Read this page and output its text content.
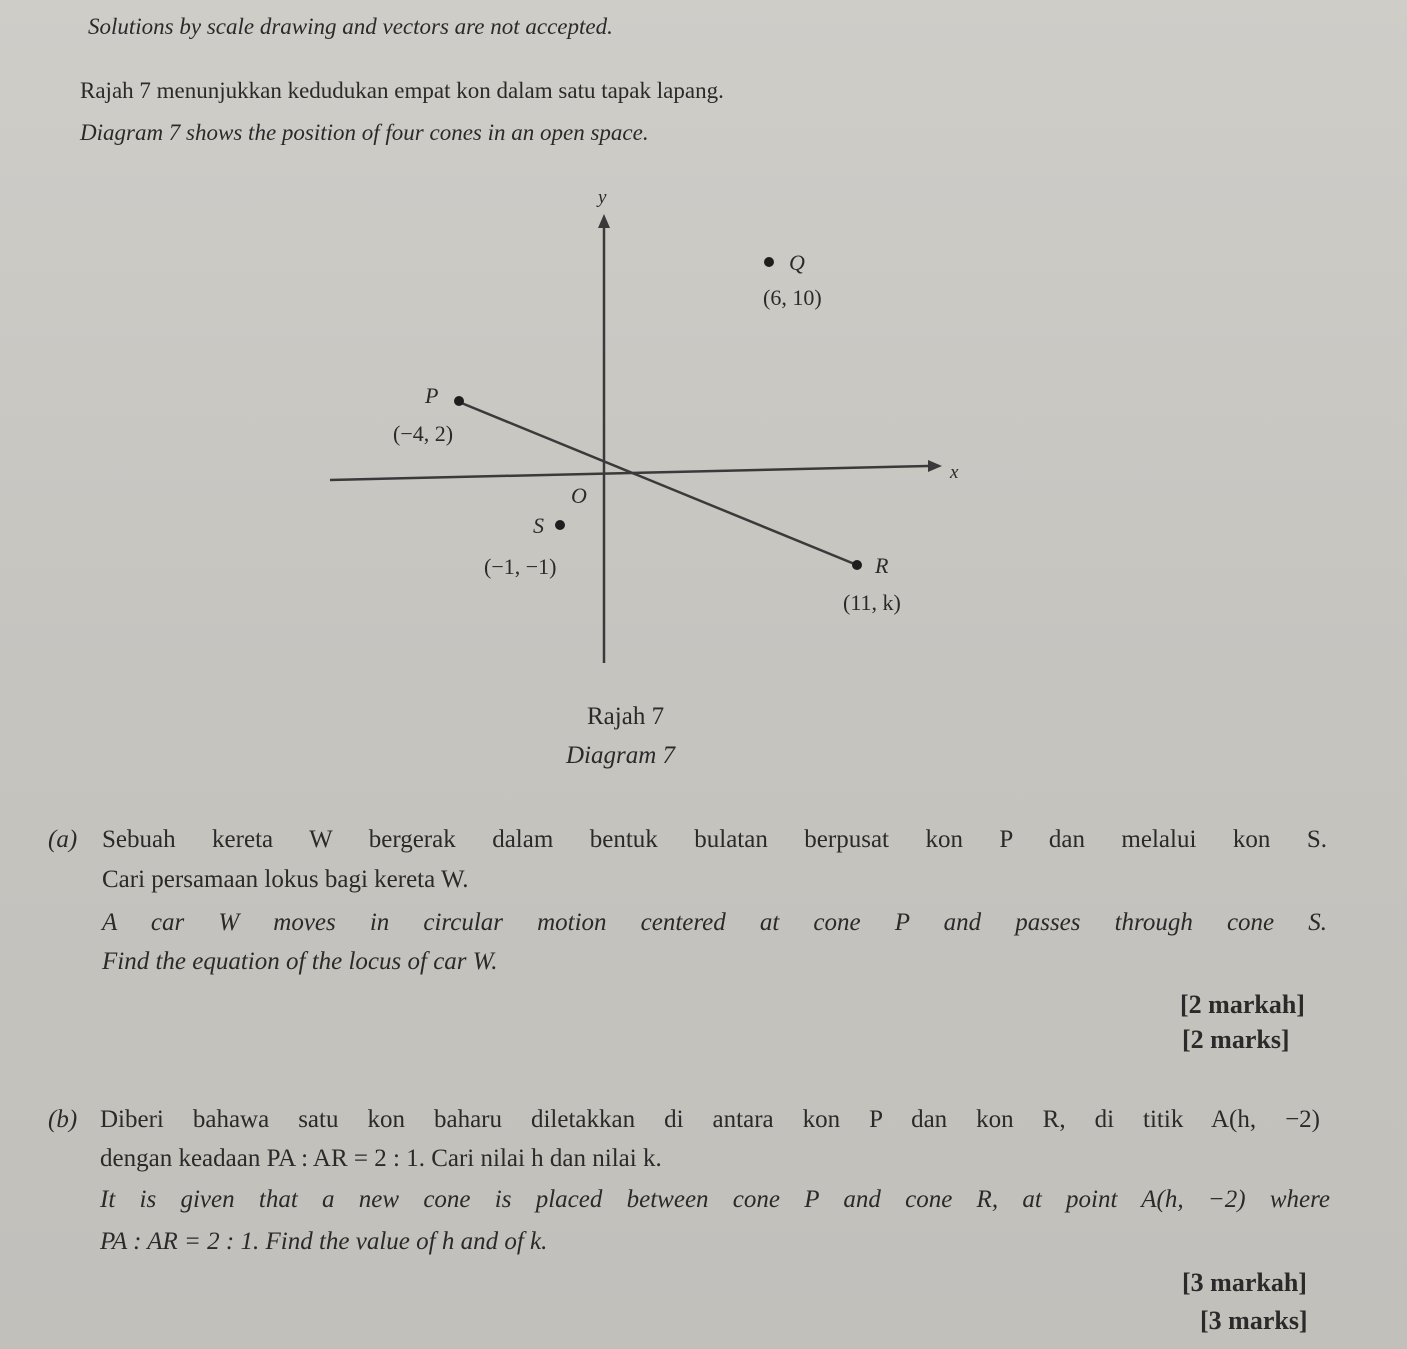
Solutions by scale drawing and vectors are not accepted.
Rajah 7 menunjukkan kedudukan empat kon dalam satu tapak lapang.
Diagram 7 shows the position of four cones in an open space.
y
x
O
Q
(6, 10)
P
(−4, 2)
S
(−1, −1)	R
(11, k)
Rajah 7
Diagram 7
(a) Sebuah kereta W bergerak dalam bentuk bulatan berpusat kon P dan melalui kon S.
Cari persamaan lokus bagi kereta W.
A car W moves in circular motion centered at cone P and passes through cone S.
Find the equation of the locus of car W.
[2 markah]
[2 marks]
(b) Diberi bahawa satu kon baharu diletakkan di antara kon P dan kon R, di titik A(h, −2)
dengan keadaan PA : AR = 2 : 1. Cari nilai h dan nilai k.
It is given that a new cone is placed between cone P and cone R, at point A(h, −2) where
PA : AR = 2 : 1. Find the value of h and of k.
[3 markah]
[3 marks]
